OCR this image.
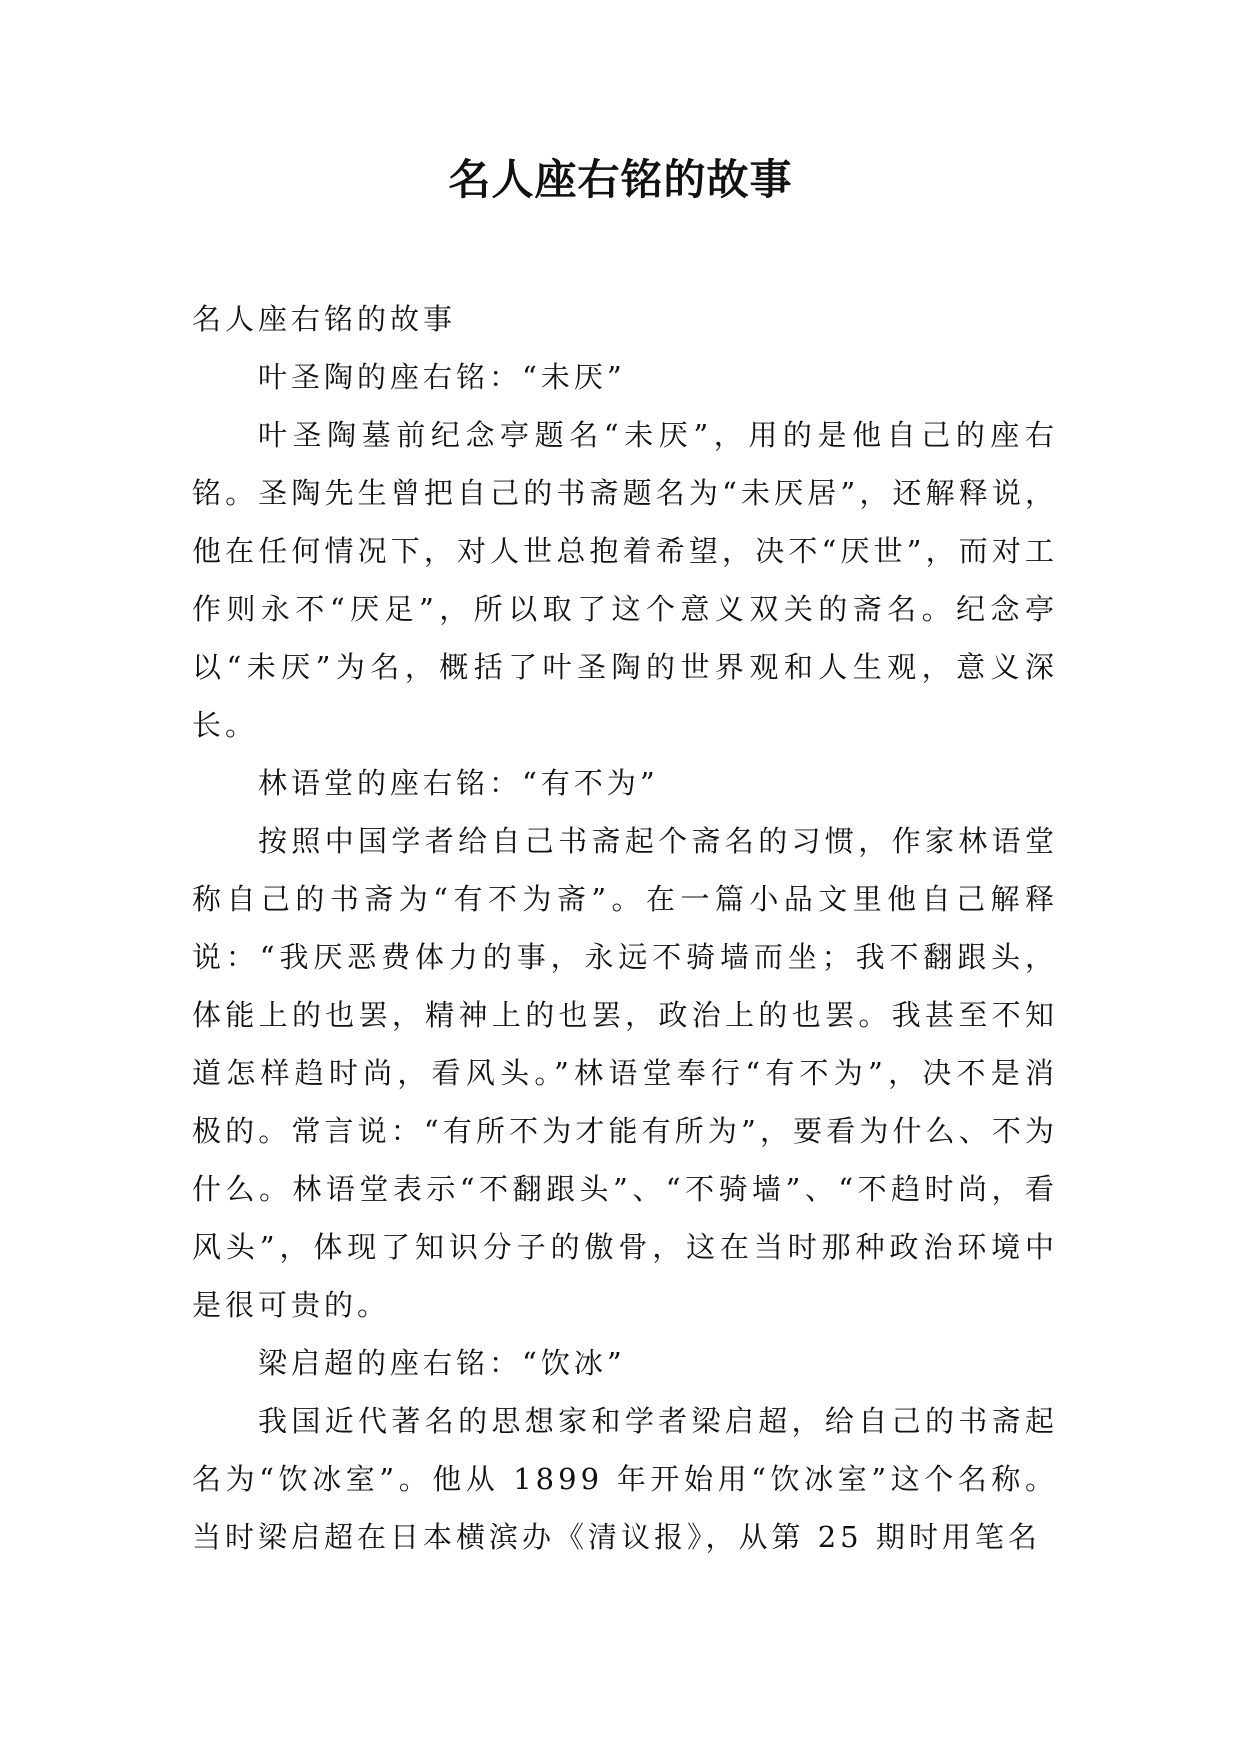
名人座右铭的故事

名人座右铭的故事

叶圣陶的座右铭：“未厌”

叶圣陶墓前纪念亭题名“未厌”，用的是他自己的座右铭。圣陶先生曾把自己的书斋题名为“未厌居”，还解释说，他在任何情况下，对人世总抱着希望，决不“厌世”，而对工作则永不“厌足”，所以取了这个意义双关的斋名。纪念亭以“未厌”为名，概括了叶圣陶的世界观和人生观，意义深长。

林语堂的座右铭：“有不为”

按照中国学者给自己书斋起个斋名的习惯，作家林语堂称自己的书斋为“有不为斋”。在一篇小品文里他自己解释说：“我厌恶费体力的事，永远不骑墙而坐；我不翻跟头，体能上的也罢，精神上的也罢，政治上的也罢。我甚至不知道怎样趋时尚，看风头。”林语堂奉行“有不为”，决不是消极的。常言说：“有所不为才能有所为”，要看为什么、不为什么。林语堂表示“不翻跟头”、“不骑墙”、“不趋时尚，看风头”，体现了知识分子的傲骨，这在当时那种政治环境中是很可贵的。

梁启超的座右铭：“饮冰”

我国近代著名的思想家和学者梁启超，给自己的书斋起名为“饮冰室”。他从 1899 年开始用“饮冰室”这个名称。当时梁启超在日本横滨办《清议报》，从第 25 期时用笔名
